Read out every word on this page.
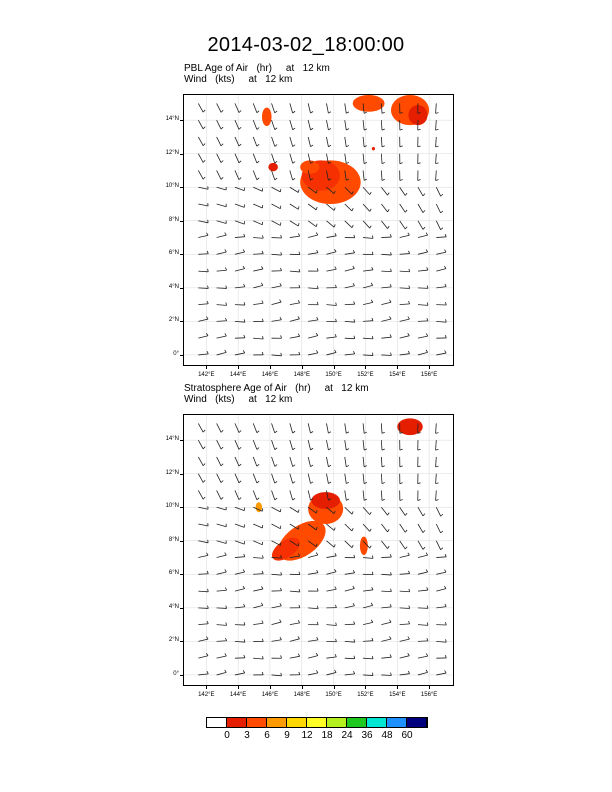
2014-03-02_18:00:00
PBL Age of Air   (hr)     at   12 km
Wind   (kts)     at   12 km
14°N
12°N
10°N
8°N
6°N
4°N
2°N
0°
142°E	144°E	146°E	148°E	150°E	152°E	154°E	156°E
Stratosphere Age of Air   (hr)     at   12 km
Wind   (kts)     at   12 km
14°N
12°N
10°N
8°N
6°N
4°N
2°N
0°
142°E	144°E	146°E	148°E	150°E	152°E	154°E	156°E
0	3	6	9	12 18 24 36 48 60
